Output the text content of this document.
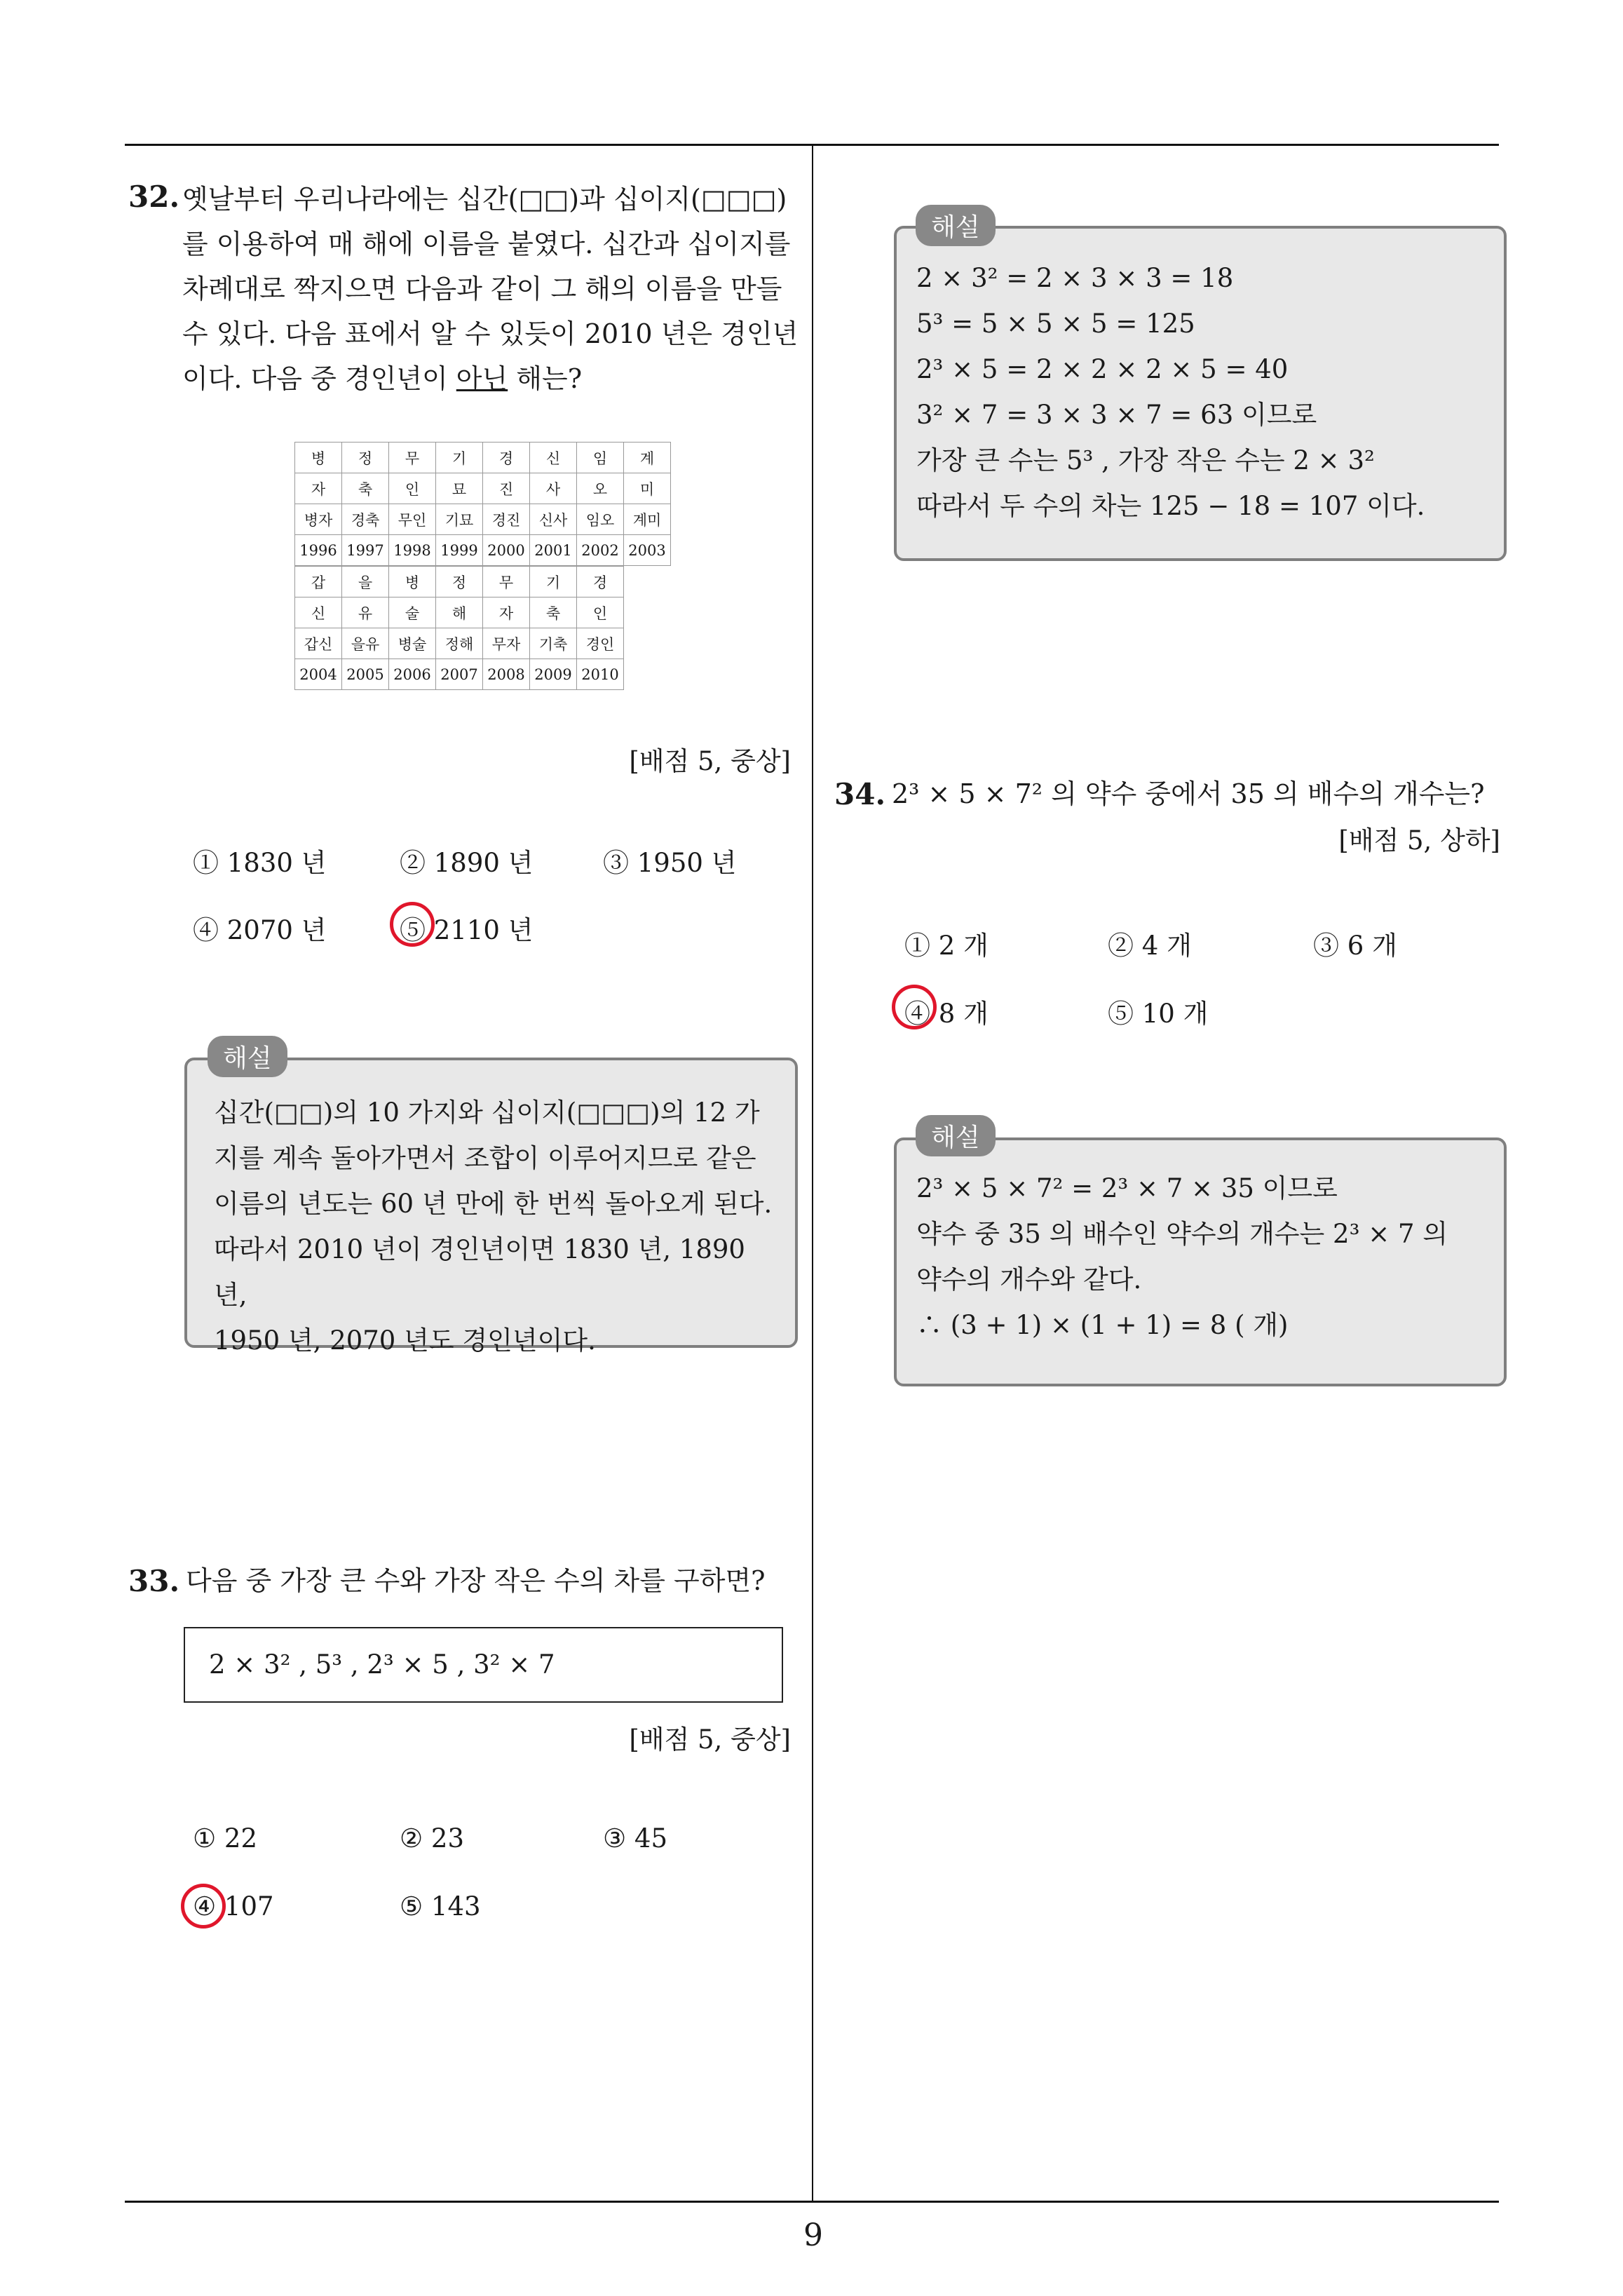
9
32. 옛날부터 우리나라에는 십간(□□)과 십이지(□□□)
를 이용하여 매 해에 이름을 붙였다. 십간과 십이지를
차례대로 짝지으면 다음과 같이 그 해의 이름을 만들
수 있다. 다음 표에서 알 수 있듯이 2010 년은 경인년
이다. 다음 중 경인년이 아닌 해는?
병	정	무	기	경	신	임	계
자	축	인	묘	진	사	오	미
병자	경축	무인	기묘	경진	신사	임오	계미
1996	1997	1998	1999	2000	2001	2002	2003
갑	을	병	정	무	기	경
신	유	술	해	자	축	인
갑신	을유	병술	정해	무자	기축	경인
2004	2005	2006	2007	2008	2009	2010
[배점 5, 중상]
① 1830 년	② 1890 년	③ 1950 년
④ 2070 년	⑤ 2110 년
십간(□□)의 10 가지와 십이지(□□□)의 12 가
지를 계속 돌아가면서 조합이 이루어지므로 같은
이름의 년도는 60 년 만에 한 번씩 돌아오게 된다.
따라서 2010 년이 경인년이면 1830 년, 1890 년,
1950 년, 2070 년도 경인년이다.
해설
33. 다음 중 가장 큰 수와 가장 작은 수의 차를 구하면?
2 × 3² , 5³ , 2³ × 5 , 3² × 7
[배점 5, 중상]
① 22	② 23	③ 45
④ 107	⑤ 143
2 × 3² = 2 × 3 × 3 = 18
5³ = 5 × 5 × 5 = 125
2³ × 5 = 2 × 2 × 2 × 5 = 40
3² × 7 = 3 × 3 × 7 = 63 이므로
가장 큰 수는 5³ , 가장 작은 수는 2 × 3²
따라서 두 수의 차는 125 − 18 = 107 이다.
해설
34. 2³ × 5 × 7² 의 약수 중에서 35 의 배수의 개수는?
[배점 5, 상하]
① 2 개	② 4 개	③ 6 개
④ 8 개	⑤ 10 개
2³ × 5 × 7² = 2³ × 7 × 35 이므로
약수 중 35 의 배수인 약수의 개수는 2³ × 7 의
약수의 개수와 같다.
∴ (3 + 1) × (1 + 1) = 8 ( 개)
해설
